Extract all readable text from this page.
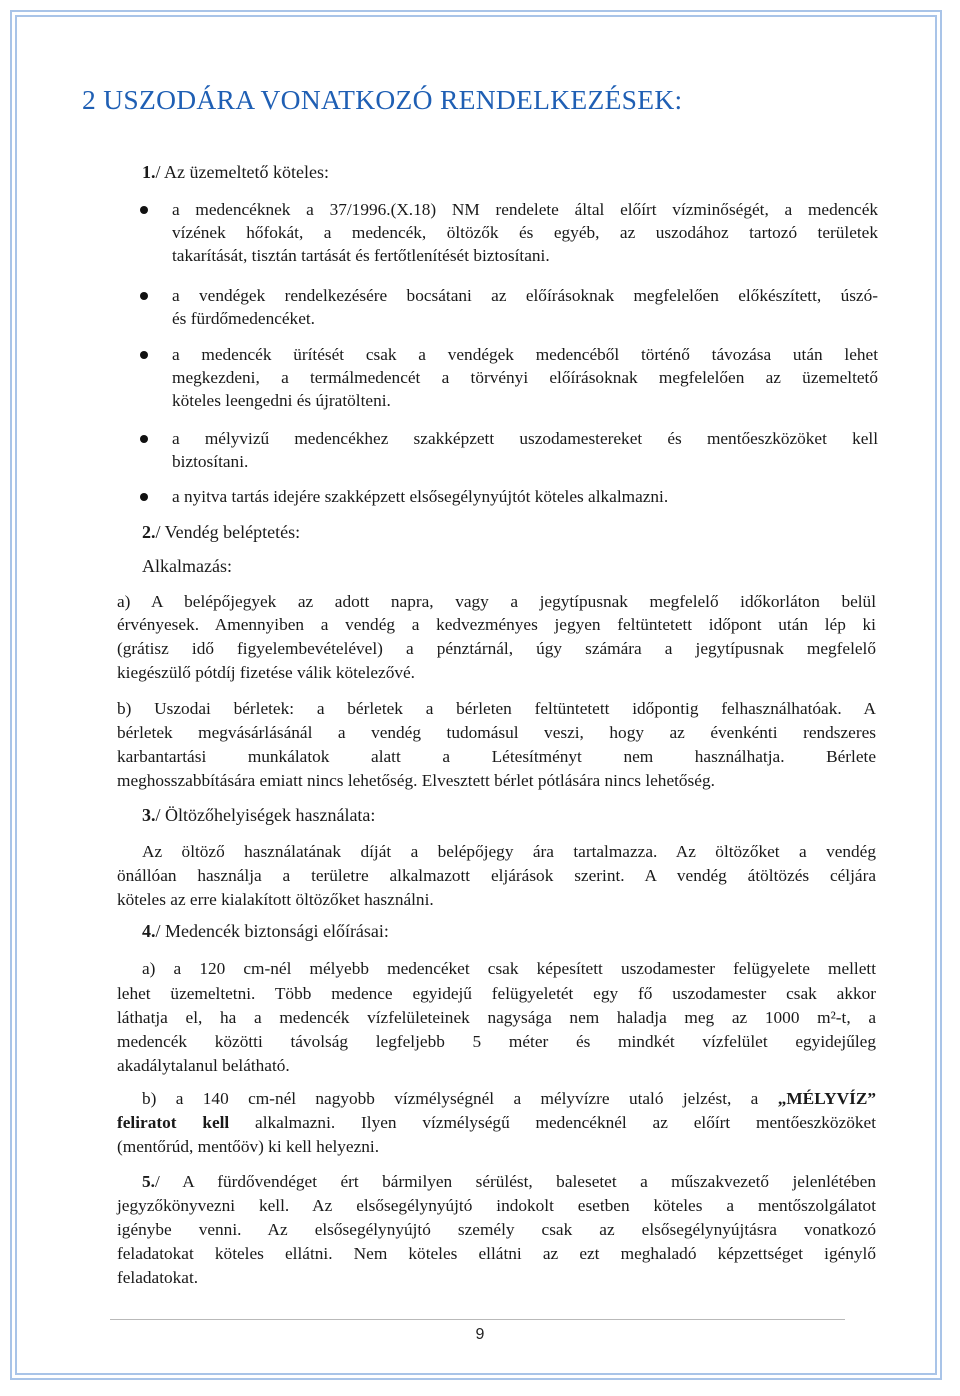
2 USZODÁRA VONATKOZÓ RENDELKEZÉSEK:
1./ Az üzemeltető köteles:
a medencéknek a 37/1996.(X.18) NM rendelete által előírt vízminőségét, a medencék
vízének hőfokát, a medencék, öltözők és egyéb, az uszodához tartozó területek
takarítását, tisztán tartását és fertőtlenítését biztosítani.
a vendégek rendelkezésére bocsátani az előírásoknak megfelelően előkészített, úszó-
és fürdőmedencéket.
a medencék ürítését csak a vendégek medencéből történő távozása után lehet
megkezdeni, a termálmedencét a törvényi előírásoknak megfelelően az üzemeltető
köteles leengedni és újratölteni.
a mélyvizű medencékhez szakképzett uszodamestereket és mentőeszközöket kell
biztosítani.
a nyitva tartás idejére szakképzett elsősegélynyújtót köteles alkalmazni.
2./ Vendég beléptetés:
Alkalmazás:
a) A belépőjegyek az adott napra, vagy a jegytípusnak megfelelő időkorláton belül
érvényesek. Amennyiben a vendég a kedvezményes jegyen feltüntetett időpont után lép ki
(grátisz idő figyelembevételével) a pénztárnál, úgy számára a jegytípusnak megfelelő
kiegészülő pótdíj fizetése válik kötelezővé.
b) Uszodai bérletek: a bérletek a bérleten feltüntetett időpontig felhasználhatóak. A
bérletek megvásárlásánál a vendég tudomásul veszi, hogy az évenkénti rendszeres
karbantartási munkálatok alatt a Létesítményt nem használhatja. Bérlete
meghosszabbítására emiatt nincs lehetőség. Elvesztett bérlet pótlására nincs lehetőség.
3./ Öltözőhelyiségek használata:
Az öltöző használatának díját a belépőjegy ára tartalmazza. Az öltözőket a vendég
önállóan használja a területre alkalmazott eljárások szerint. A vendég átöltözés céljára
köteles az erre kialakított öltözőket használni.
4./ Medencék biztonsági előírásai:
a) a 120 cm-nél mélyebb medencéket csak képesített uszodamester felügyelete mellett
lehet üzemeltetni. Több medence egyidejű felügyeletét egy fő uszodamester csak akkor
láthatja el, ha a medencék vízfelületeinek nagysága nem haladja meg az 1000 m²-t, a
medencék közötti távolság legfeljebb 5 méter és mindkét vízfelület egyidejűleg
akadálytalanul belátható.
b) a 140 cm-nél nagyobb vízmélységnél a mélyvízre utaló jelzést, a „MÉLYVÍZ”
feliratot kell alkalmazni. Ilyen vízmélységű medencéknél az előírt mentőeszközöket
(mentőrúd, mentőöv) ki kell helyezni.
5./ A fürdővendéget ért bármilyen sérülést, balesetet a műszakvezető jelenlétében
jegyzőkönyvezni kell. Az elsősegélynyújtó indokolt esetben köteles a mentőszolgálatot
igénybe venni. Az elsősegélynyújtó személy csak az elsősegélynyújtásra vonatkozó
feladatokat köteles ellátni. Nem köteles ellátni az ezt meghaladó képzettséget igénylő
feladatokat.
9
